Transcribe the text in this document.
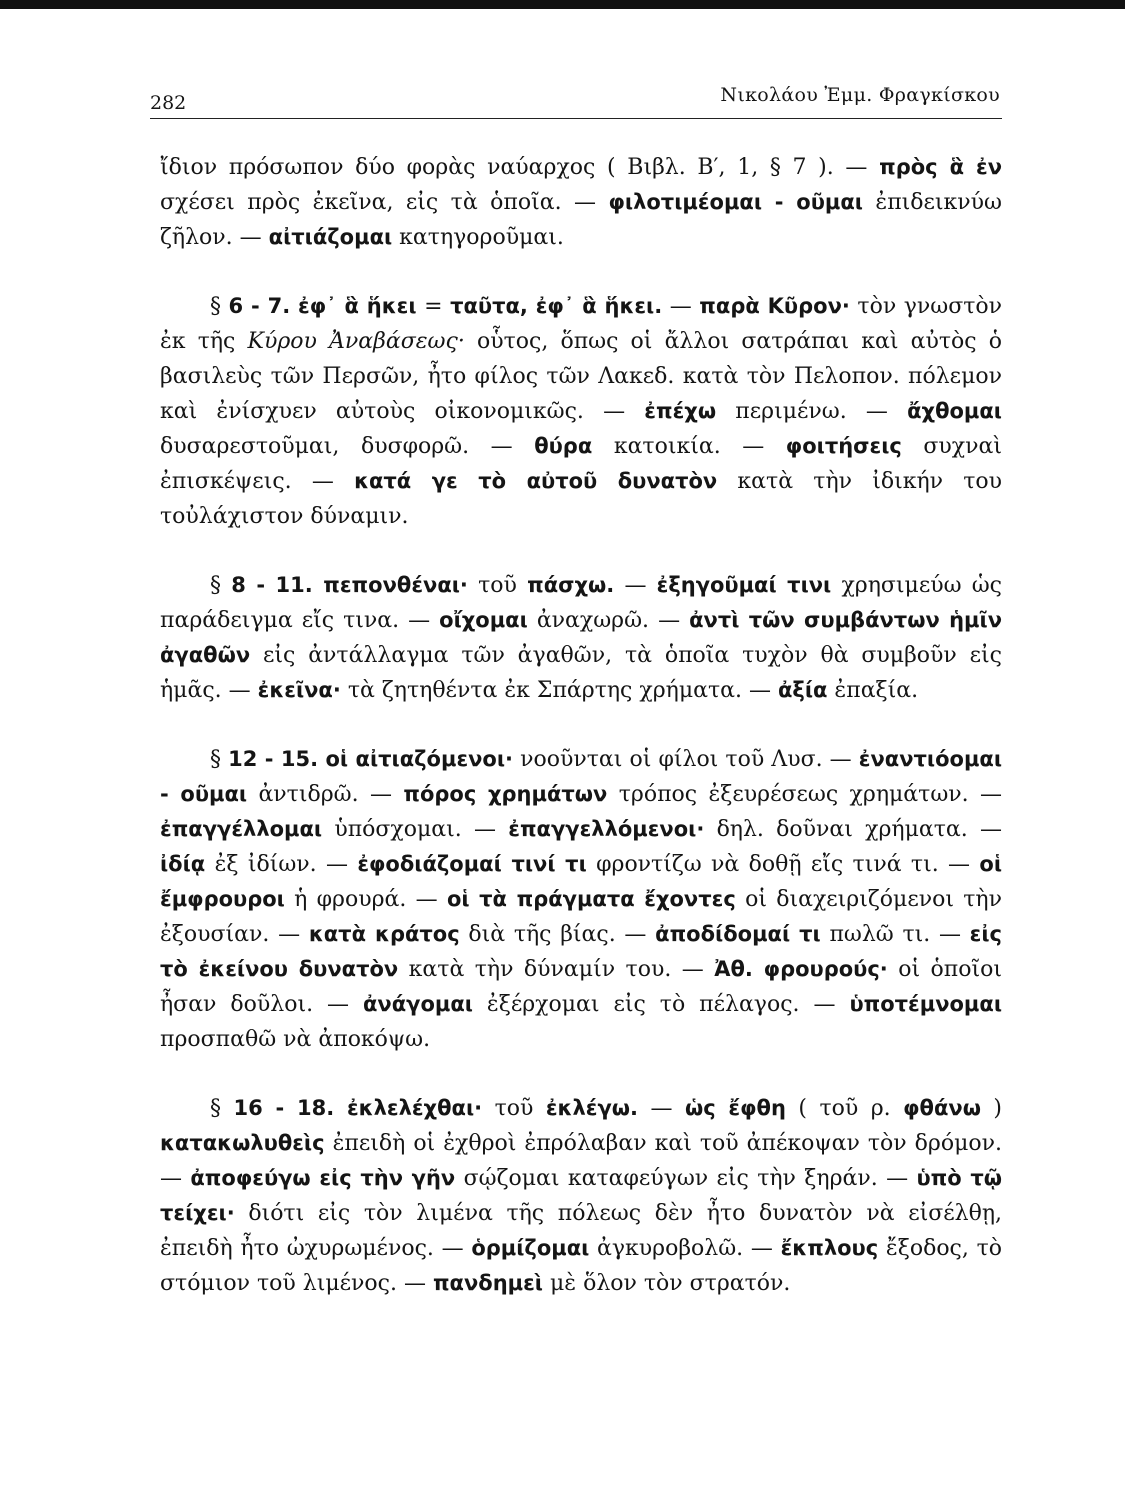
282	Νικολάου Ἐμμ. Φραγκίσκου

ἴδιον πρόσωπον δύο φορὰς ναύαρχος ( Βιβλ. Β′, 1, § 7 ). — πρὸς ἃ ἐν σχέσει πρὸς ἐκεῖνα, εἰς τὰ ὁποῖα. — φιλοτιμέομαι - οῦμαι ἐπιδεικνύω ζῆλον. — αἰτιάζομαι κατηγοροῦμαι.

§ 6 - 7. ἐφ᾽ ἃ ἥκει = ταῦτα, ἐφ᾽ ἃ ἥκει. — παρὰ Κῦρον· τὸν γνωστὸν ἐκ τῆς Κύρου Ἀναβάσεως· οὗτος, ὅπως οἱ ἄλλοι σατράπαι καὶ αὐτὸς ὁ βασιλεὺς τῶν Περσῶν, ἦτο φίλος τῶν Λακεδ. κατὰ τὸν Πελοπον. πόλεμον καὶ ἐνίσχυεν αὐτοὺς οἰκονομικῶς. — ἐπέχω περιμένω. — ἄχθομαι δυσαρεστοῦμαι, δυσφορῶ. — θύρα κατοικία. — φοιτήσεις συχναὶ ἐπισκέψεις. — κατά γε τὸ αὐτοῦ δυνατὸν κατὰ τὴν ἰδικήν του τοὐλάχιστον δύναμιν.

§ 8 - 11. πεπονθέναι· τοῦ πάσχω. — ἐξηγοῦμαί τινι χρησιμεύω ὡς παράδειγμα εἴς τινα. — οἴχομαι ἀναχωρῶ. — ἀντὶ τῶν συμβάντων ἡμῖν ἀγαθῶν εἰς ἀντάλλαγμα τῶν ἀγαθῶν, τὰ ὁποῖα τυχὸν θὰ συμβοῦν εἰς ἡμᾶς. — ἐκεῖνα· τὰ ζητηθέντα ἐκ Σπάρτης χρήματα. — ἀξία ἐπαξία.

§ 12 - 15. οἱ αἰτιαζόμενοι· νοοῦνται οἱ φίλοι τοῦ Λυσ. — ἐναντιόομαι - οῦμαι ἀντιδρῶ. — πόρος χρημάτων τρόπος ἐξευρέσεως χρημάτων. — ἐπαγγέλλομαι ὑπόσχομαι. — ἐπαγγελλόμενοι· δηλ. δοῦναι χρήματα. — ἰδίᾳ ἐξ ἰδίων. — ἐφοδιάζομαί τινί τι φροντίζω νὰ δοθῇ εἴς τινά τι. — οἱ ἔμφρουροι ἡ φρουρά. — οἱ τὰ πράγματα ἔχοντες οἱ διαχειριζόμενοι τὴν ἐξουσίαν. — κατὰ κράτος διὰ τῆς βίας. — ἀποδίδομαί τι πωλῶ τι. — εἰς τὸ ἐκείνου δυνατὸν κατὰ τὴν δύναμίν του. — Ἀθ. φρουρούς· οἱ ὁποῖοι ἦσαν δοῦλοι. — ἀνάγομαι ἐξέρχομαι εἰς τὸ πέλαγος. — ὑποτέμνομαι προσπαθῶ νὰ ἀποκόψω.

§ 16 - 18. ἐκλελέχθαι· τοῦ ἐκλέγω. — ὡς ἔφθη ( τοῦ ρ. φθάνω ) κατακωλυθεὶς ἐπειδὴ οἱ ἐχθροὶ ἐπρόλαβαν καὶ τοῦ ἀπέκοψαν τὸν δρόμον. — ἀποφεύγω εἰς τὴν γῆν σῴζομαι καταφεύγων εἰς τὴν ξηράν. — ὑπὸ τῷ τείχει· διότι εἰς τὸν λιμένα τῆς πόλεως δὲν ἦτο δυνατὸν νὰ εἰσέλθῃ, ἐπειδὴ ἦτο ὠχυρωμένος. — ὁρμίζομαι ἀγκυροβολῶ. — ἔκπλους ἔξοδος, τὸ στόμιον τοῦ λιμένος. — πανδημεὶ μὲ ὅλον τὸν στρατόν.
